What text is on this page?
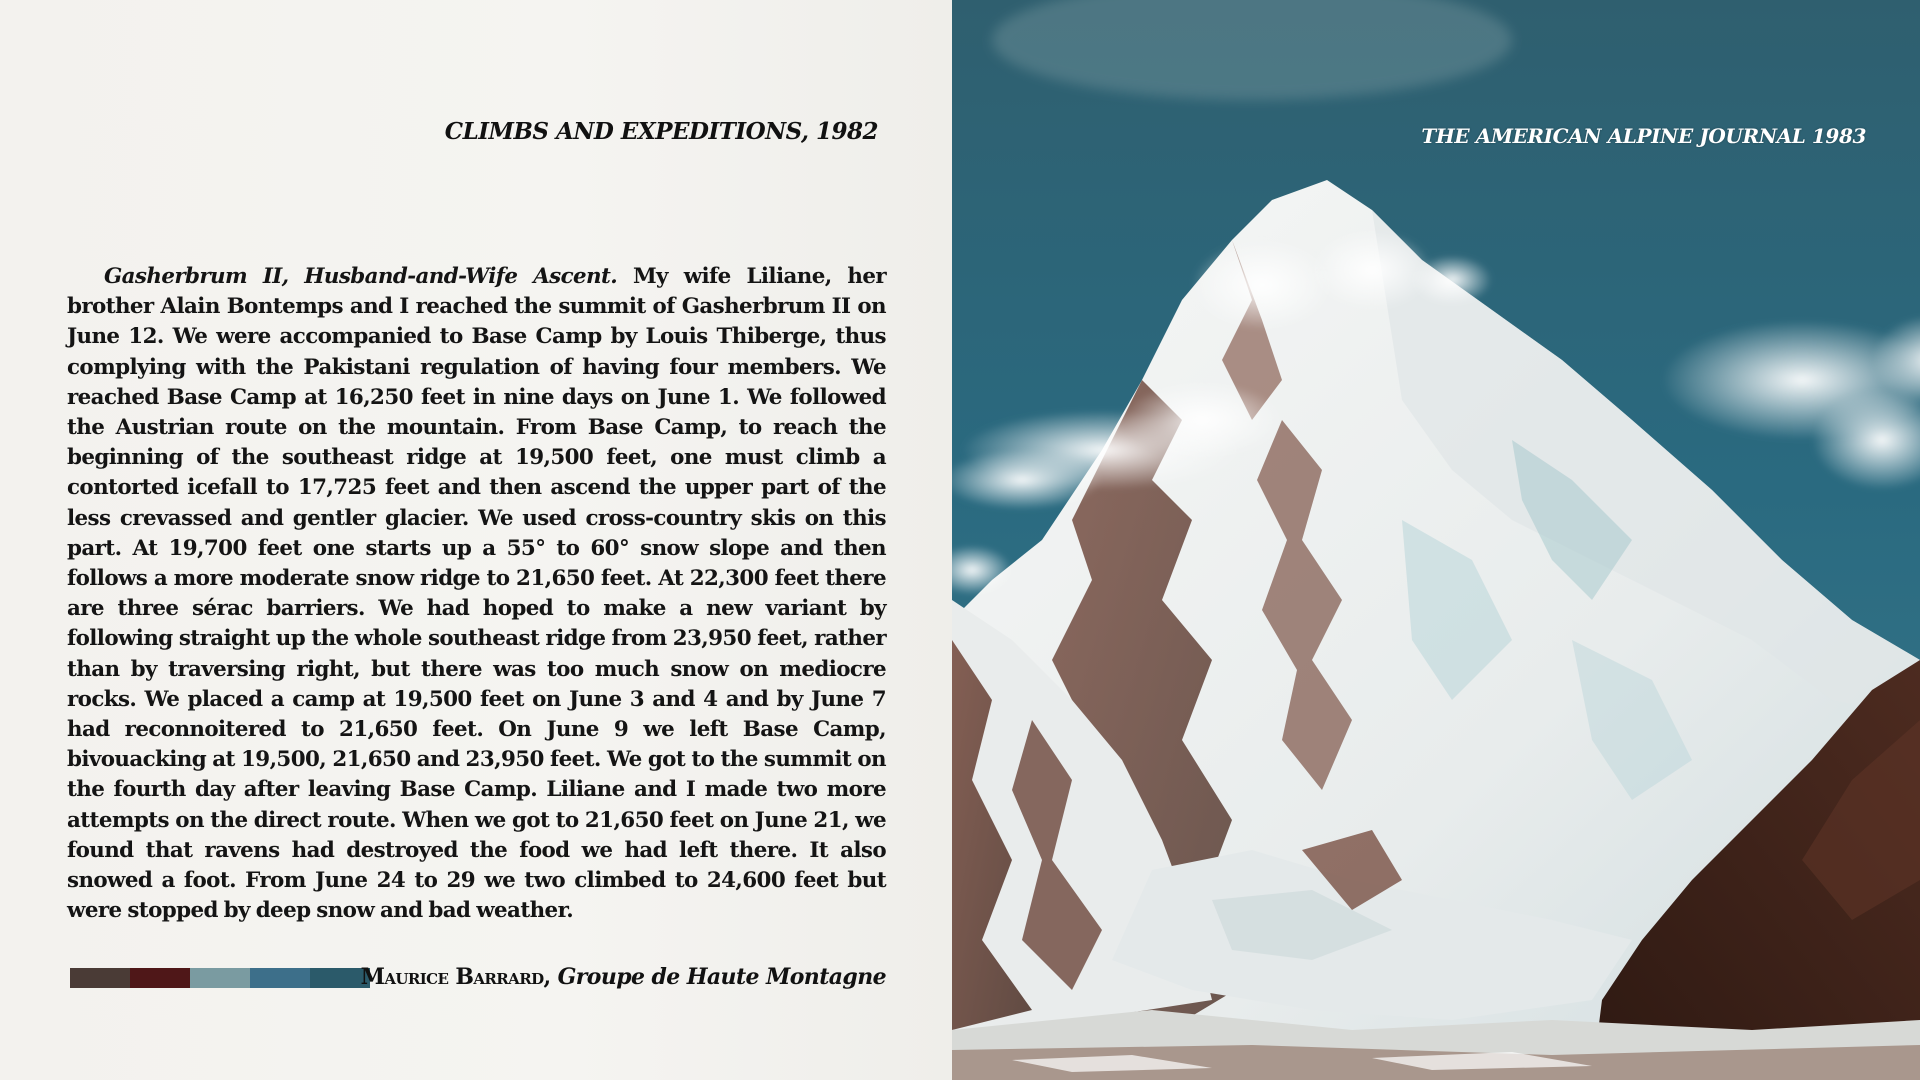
CLIMBS AND EXPEDITIONS, 1982
Gasherbrum II, Husband-and-Wife Ascent. My wife Liliane, her brother Alain Bontemps and I reached the summit of Gasherbrum II on June 12. We were accompanied to Base Camp by Louis Thiberge, thus complying with the Pakistani regulation of having four members. We reached Base Camp at 16,250 feet in nine days on June 1. We followed the Austrian route on the mountain. From Base Camp, to reach the beginning of the southeast ridge at 19,500 feet, one must climb a contorted icefall to 17,725 feet and then ascend the upper part of the less crevassed and gentler glacier. We used cross-country skis on this part. At 19,700 feet one starts up a 55° to 60° snow slope and then follows a more moderate snow ridge to 21,650 feet. At 22,300 feet there are three sérac barriers. We had hoped to make a new variant by following straight up the whole southeast ridge from 23,950 feet, rather than by traversing right, but there was too much snow on mediocre rocks. We placed a camp at 19,500 feet on June 3 and 4 and by June 7 had reconnoitered to 21,650 feet. On June 9 we left Base Camp, bivouacking at 19,500, 21,650 and 23,950 feet. We got to the summit on the fourth day after leaving Base Camp. Liliane and I made two more attempts on the direct route. When we got to 21,650 feet on June 21, we found that ravens had destroyed the food we had left there. It also snowed a foot. From June 24 to 29 we two climbed to 24,600 feet but were stopped by deep snow and bad weather.
Maurice Barrard, Groupe de Haute Montagne
THE AMERICAN ALPINE JOURNAL 1983
